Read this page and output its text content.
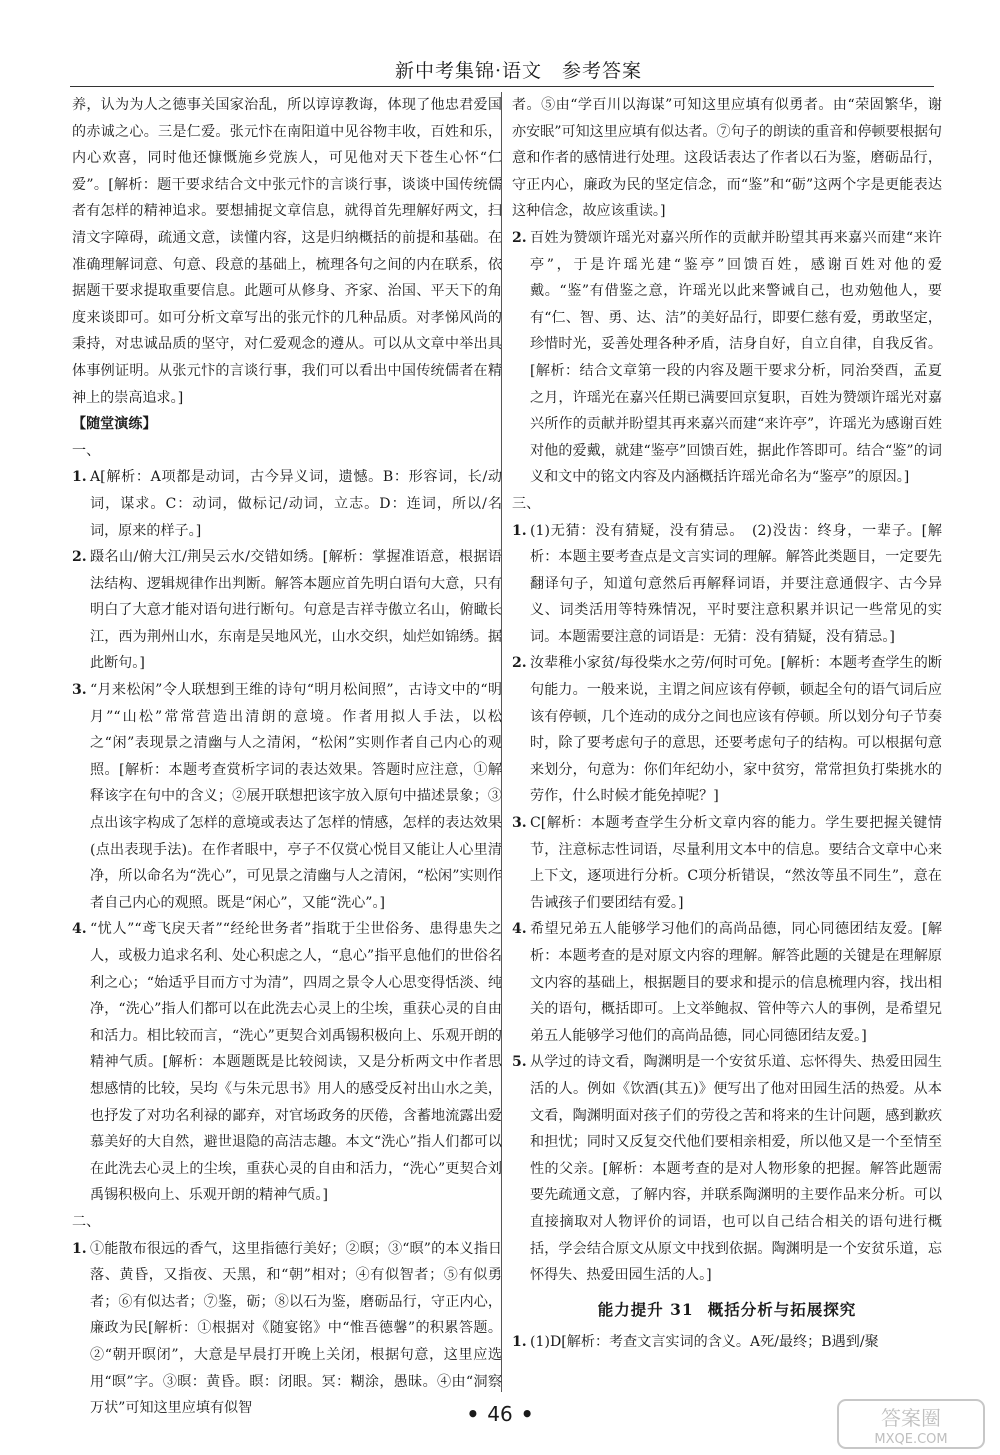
新中考集锦·语文　参考答案

养，认为为人之德事关国家治乱，所以谆谆教诲，体现了他忠君爱国的赤诚之心。三是仁爱。张元忭在南阳道中见谷物丰收，百姓和乐，内心欢喜，同时他还慷慨施乡党族人，可见他对天下苍生心怀“仁爱”。[解析：题干要求结合文中张元忭的言谈行事，谈谈中国传统儒者有怎样的精神追求。要想捕捉文章信息，就得首先理解好两文，扫清文字障碍，疏通文意，读懂内容，这是归纳概括的前提和基础。在准确理解词意、句意、段意的基础上，梳理各句之间的内在联系，依据题干要求提取重要信息。此题可从修身、齐家、治国、平天下的角度来谈即可。如可分析文章写出的张元忭的几种品质。对孝悌风尚的秉持，对忠诚品质的坚守，对仁爱观念的遵从。可以从文章中举出具体事例证明。从张元忭的言谈行事，我们可以看出中国传统儒者在精神上的崇高追求。]

【随堂演练】

一、

1. A[解析：A项都是动词，古今异义词，遗憾。B：形容词，长/动词，谋求。C：动词，做标记/动词，立志。D：连词，所以/名词，原来的样子。]
2. 蹑名山/俯大江/荆吴云水/交错如绣。[解析：掌握准语意，根据语法结构、逻辑规律作出判断。解答本题应首先明白语句大意，只有明白了大意才能对语句进行断句。句意是吉祥寺傲立名山，俯瞰长江，西为荆州山水，东南是吴地风光，山水交织，灿烂如锦绣。据此断句。]
3. “月来松闲”令人联想到王维的诗句“明月松间照”，古诗文中的“明月”“山松”常常营造出清朗的意境。作者用拟人手法，以松之“闲”表现景之清幽与人之清闲，“松闲”实则作者自己内心的观照。[解析：本题考查赏析字词的表达效果。答题时应注意，①解释该字在句中的含义；②展开联想把该字放入原句中描述景象；③点出该字构成了怎样的意境或表达了怎样的情感，怎样的表达效果(点出表现手法)。在作者眼中，亭子不仅赏心悦目又能让人心里清净，所以命名为“洗心”，可见景之清幽与人之清闲，“松闲”实则作者自己内心的观照。既是“闲心”，又能“洗心”。]
4. “忧人”“鸢飞戾天者”“经纶世务者”指耽于尘世俗务、患得患失之人，或极力追求名利、处心积虑之人，“息心”指平息他们的世俗名利之心；“始适乎目而方寸为清”，四周之景令人心思变得恬淡、纯净，“洗心”指人们都可以在此洗去心灵上的尘埃，重获心灵的自由和活力。相比较而言，“洗心”更契合刘禹锡积极向上、乐观开朗的精神气质。[解析：本题题既是比较阅读，又是分析两文中作者思想感情的比较，吴均《与朱元思书》用人的感受反衬出山水之美，也抒发了对功名利禄的鄙弃，对官场政务的厌倦，含蓄地流露出爱慕美好的大自然，避世退隐的高洁志趣。本文“洗心”指人们都可以在此洗去心灵上的尘埃，重获心灵的自由和活力，“洗心”更契合刘禹锡积极向上、乐观开朗的精神气质。]

二、

1. ①能散布很远的香气，这里指德行美好；②暝；③“暝”的本义指日落、黄昏，又指夜、天黑，和“朝”相对；④有似智者；⑤有似勇者；⑥有似达者；⑦鉴，砺；⑧以石为鉴，磨砺品行，守正内心，廉政为民[解析：①根据对《随宴铭》中“惟吾德馨”的积累答题。②“朝开暝闭”，大意是早晨打开晚上关闭，根据句意，这里应选用“暝”字。③暝：黄昏。瞑：闭眼。冥：糊涂，愚昧。④由“洞察万状”可知这里应填有似智

者。⑤由“学百川以海谋”可知这里应填有似勇者。由“荣固繁华，谢亦安眠”可知这里应填有似达者。⑦句子的朗读的重音和停顿要根据句意和作者的感情进行处理。这段话表达了作者以石为鉴，磨砺品行，守正内心，廉政为民的坚定信念，而“鉴”和“砺”这两个字是更能表达这种信念，故应该重读。]

2. 百姓为赞颂许瑶光对嘉兴所作的贡献并盼望其再来嘉兴而建“来许亭”，于是许瑶光建“鉴亭”回馈百姓，感谢百姓对他的爱戴。“鉴”有借鉴之意，许瑶光以此来警诫自己，也劝勉他人，要有“仁、智、勇、达、洁”的美好品行，即要仁慈有爱，勇敢坚定，珍惜时光，妥善处理各种矛盾，洁身自好，自立自律，自我反省。[解析：结合文章第一段的内容及题干要求分析，同治癸酉，孟夏之月，许瑶光在嘉兴任期已满要回京复职，百姓为赞颂许瑶光对嘉兴所作的贡献并盼望其再来嘉兴而建“来许亭”，许瑶光为感谢百姓对他的爱戴，就建“鉴亭”回馈百姓，据此作答即可。结合“鉴”的词义和文中的铭文内容及内涵概括许瑶光命名为“鉴亭”的原因。]

三、

1. (1)无猜：没有猜疑，没有猜忌。　(2)没齿：终身，一辈子。[解析：本题主要考查点是文言实词的理解。解答此类题目，一定要先翻译句子，知道句意然后再解释词语，并要注意通假字、古今异义、词类活用等特殊情况，平时要注意积累并识记一些常见的实词。本题需要注意的词语是：无猜：没有猜疑，没有猜忌。]
2. 汝辈稚小家贫/每役柴水之劳/何时可免。[解析：本题考查学生的断句能力。一般来说，主谓之间应该有停顿，顿起全句的语气词后应该有停顿，几个连动的成分之间也应该有停顿。所以划分句子节奏时，除了要考虑句子的意思，还要考虑句子的结构。可以根据句意来划分，句意为：你们年纪幼小，家中贫穷，常常担负打柴挑水的劳作，什么时候才能免掉呢？]
3. C[解析：本题考查学生分析文章内容的能力。学生要把握关键情节，注意标志性词语，尽量利用文本中的信息。要结合文章中心来上下文，逐项进行分析。C项分析错误，“然汝等虽不同生”，意在告诫孩子们要团结有爱。]
4. 希望兄弟五人能够学习他们的高尚品德，同心同德团结友爱。[解析：本题考查的是对原文内容的理解。解答此题的关键是在理解原文内容的基础上，根据题目的要求和提示的信息梳理内容，找出相关的语句，概括即可。上文举鲍叔、管仲等六人的事例，是希望兄弟五人能够学习他们的高尚品德，同心同德团结友爱。]
5. 从学过的诗文看，陶渊明是一个安贫乐道、忘怀得失、热爱田园生活的人。例如《饮酒(其五)》便写出了他对田园生活的热爱。从本文看，陶渊明面对孩子们的劳役之苦和将来的生计问题，感到歉疚和担忧；同时又反复交代他们要相亲相爱，所以他又是一个至情至性的父亲。[解析：本题考查的是对人物形象的把握。解答此题需要先疏通文意，了解内容，并联系陶渊明的主要作品来分析。可以直接摘取对人物评价的词语，也可以自己结合相关的语句进行概括，学会结合原文从原文中找到依据。陶渊明是一个安贫乐道，忘怀得失、热爱田园生活的人。]

能力提升 31 概括分析与拓展探究

1. (1)D[解析：考查文言实词的含义。A死/最终；B遇到/聚
• 46 •	答案圈
MXQE.COM
